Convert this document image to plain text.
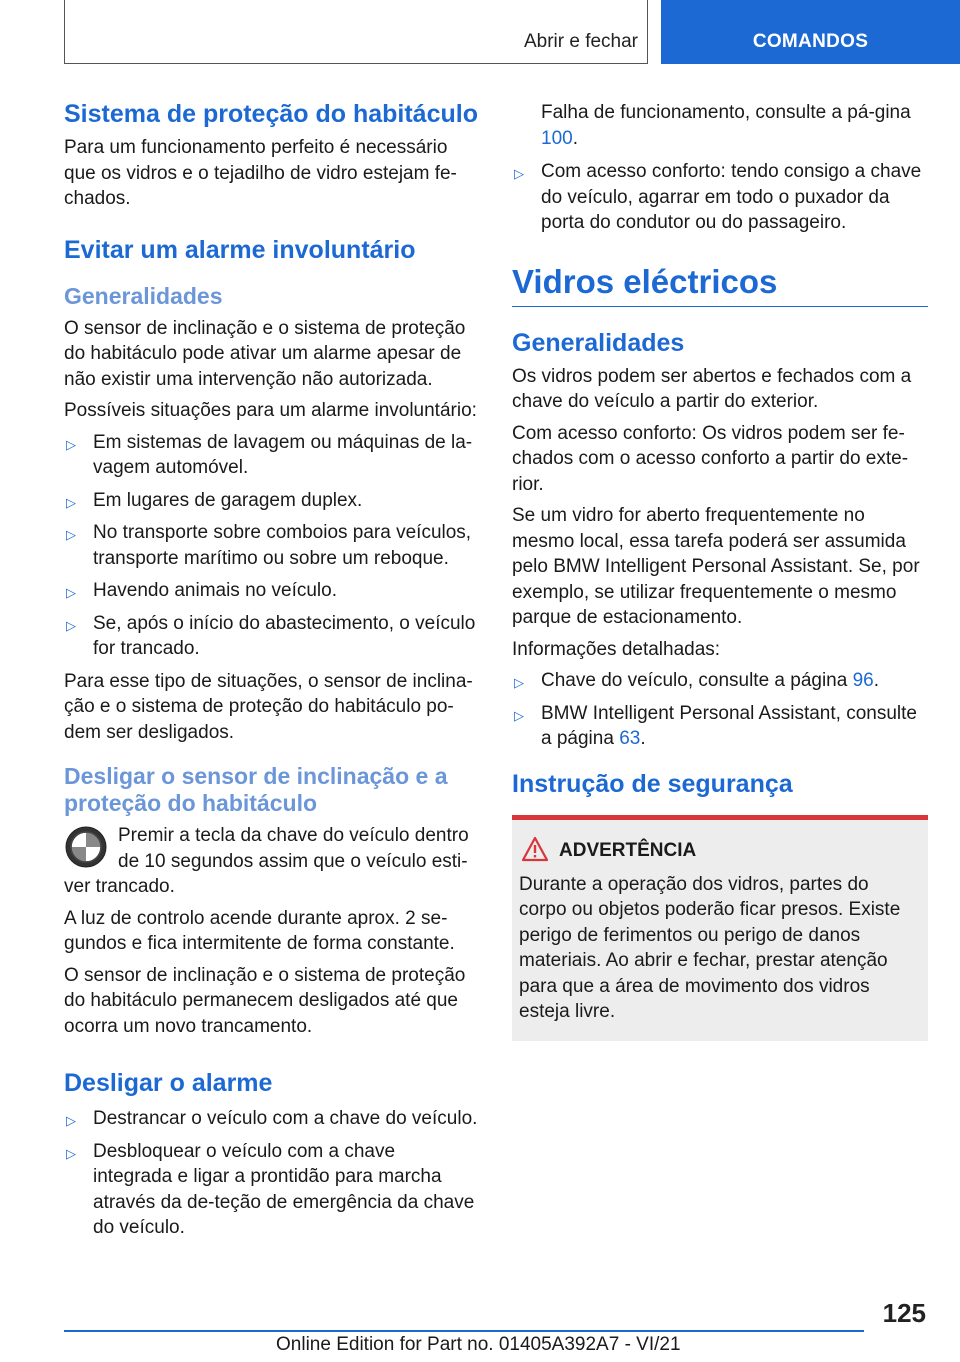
Abrir e fechar	COMANDOS
Sistema de proteção do habitáculo

Para um funcionamento perfeito é necessário que os vidros e o tejadilho de vidro estejam fe-chados.

Evitar um alarme involuntário
Generalidades

O sensor de inclinação e o sistema de proteção do habitáculo pode ativar um alarme apesar de não existir uma intervenção não autorizada.

Possíveis situações para um alarme involuntário:

▷ Em sistemas de lavagem ou máquinas de la-vagem automóvel.
▷ Em lugares de garagem duplex.
▷ No transporte sobre comboios para veículos, transporte marítimo ou sobre um reboque.
▷ Havendo animais no veículo.
▷ Se, após o início do abastecimento, o veículo for trancado.

Para esse tipo de situações, o sensor de inclina-ção e o sistema de proteção do habitáculo po-dem ser desligados.

Desligar o sensor de inclinação e a proteção do habitáculo

Premir a tecla da chave do veículo dentro de 10 segundos assim que o veículo esti-ver trancado.

A luz de controlo acende durante aprox. 2 se-gundos e fica intermitente de forma constante.

O sensor de inclinação e o sistema de proteção do habitáculo permanecem desligados até que ocorra um novo trancamento.

Desligar o alarme
▷ Destrancar o veículo com a chave do veículo.
▷ Desbloquear o veículo com a chave integrada e ligar a prontidão para marcha através da de-teção de emergência da chave do veículo.

Falha de funcionamento, consulte a pá-gina 100.

▷ Com acesso conforto: tendo consigo a chave do veículo, agarrar em todo o puxador da porta do condutor ou do passageiro.
Vidros eléctricos
Generalidades

Os vidros podem ser abertos e fechados com a chave do veículo a partir do exterior.

Com acesso conforto: Os vidros podem ser fe-chados com o acesso conforto a partir do exte-rior.

Se um vidro for aberto frequentemente no mesmo local, essa tarefa poderá ser assumida pelo BMW Intelligent Personal Assistant. Se, por exemplo, se utilizar frequentemente o mesmo parque de estacionamento.

Informações detalhadas:

▷ Chave do veículo, consulte a página 96.
▷ BMW Intelligent Personal Assistant, consulte a página 63.
Instrução de segurança
ADVERTÊNCIA

Durante a operação dos vidros, partes do corpo ou objetos poderão ficar presos. Existe perigo de ferimentos ou perigo de danos materiais. Ao abrir e fechar, prestar atenção para que a área de movimento dos vidros esteja livre.

125
Online Edition for Part no. 01405A392A7 - VI/21
